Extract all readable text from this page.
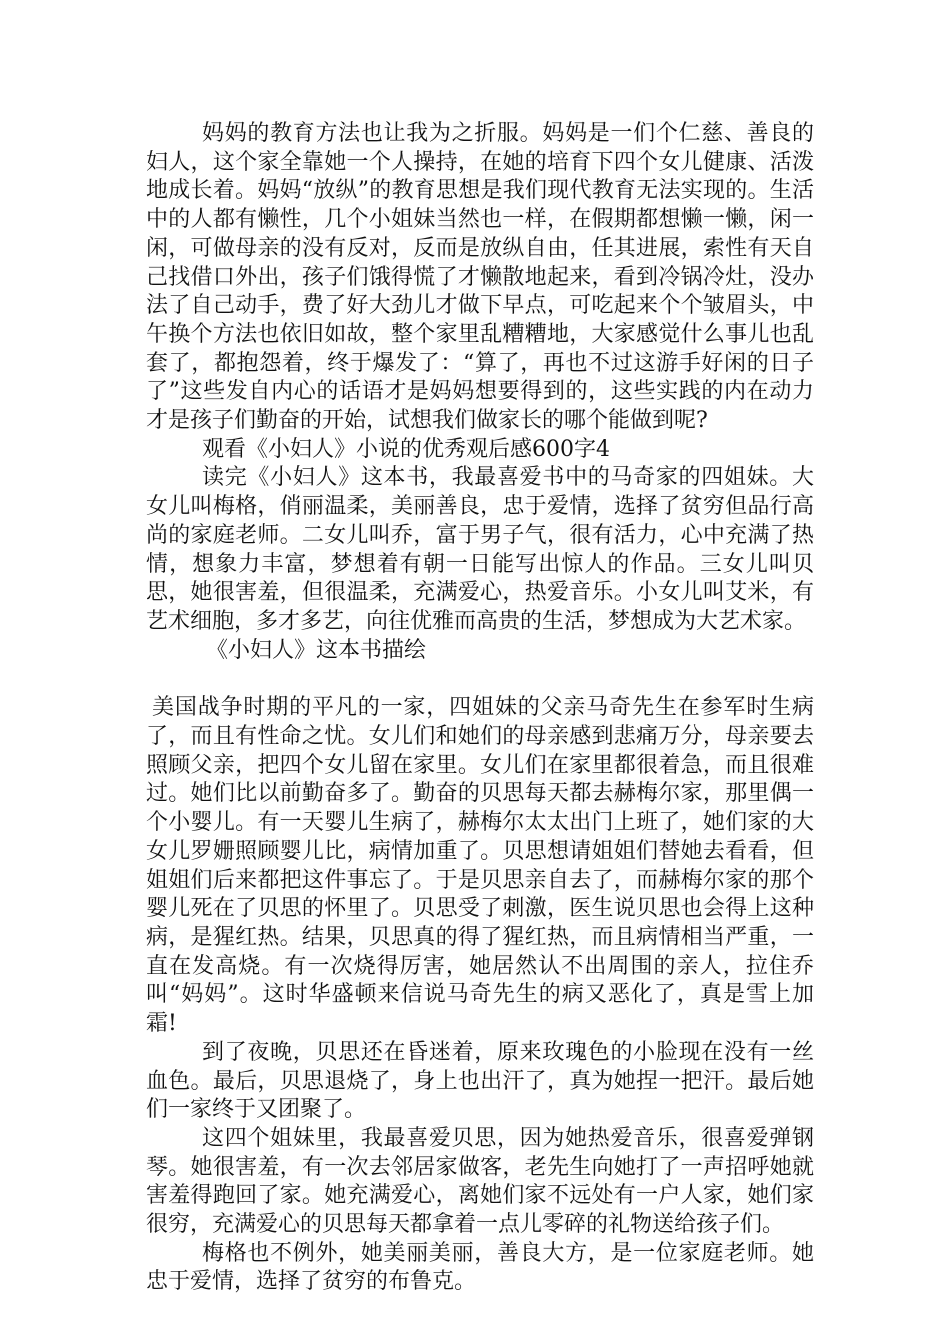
妈妈的教育方法也让我为之折服。妈妈是一们个仁慈、善良的妇人，这个家全靠她一个人操持，在她的培育下四个女儿健康、活泼地成长着。妈妈“放纵”的教育思想是我们现代教育无法实现的。生活中的人都有懒性，几个小姐妹当然也一样，在假期都想懒一懒，闲一闲，可做母亲的没有反对，反而是放纵自由，任其进展，索性有天自己找借口外出，孩子们饿得慌了才懒散地起来，看到冷锅冷灶，没办法了自己动手，费了好大劲儿才做下早点，可吃起来个个皱眉头，中午换个方法也依旧如故，整个家里乱糟糟地，大家感觉什么事儿也乱套了，都抱怨着，终于爆发了：“算了，再也不过这游手好闲的日子了”这些发自内心的话语才是妈妈想要得到的，这些实践的内在动力才是孩子们勤奋的开始，试想我们做家长的哪个能做到呢?

观看《小妇人》小说的优秀观后感600字4

读完《小妇人》这本书，我最喜爱书中的马奇家的四姐妹。大女儿叫梅格，俏丽温柔，美丽善良，忠于爱情，选择了贫穷但品行高尚的家庭老师。二女儿叫乔，富于男子气，很有活力，心中充满了热情，想象力丰富，梦想着有朝一日能写出惊人的作品。三女儿叫贝思，她很害羞，但很温柔，充满爱心，热爱音乐。小女儿叫艾米，有艺术细胞，多才多艺，向往优雅而高贵的生活，梦想成为大艺术家。

《小妇人》这本书描绘

美国战争时期的平凡的一家，四姐妹的父亲马奇先生在参军时生病了，而且有性命之忧。女儿们和她们的母亲感到悲痛万分，母亲要去照顾父亲，把四个女儿留在家里。女儿们在家里都很着急，而且很难过。她们比以前勤奋多了。勤奋的贝思每天都去赫梅尔家，那里偶一个小婴儿。有一天婴儿生病了，赫梅尔太太出门上班了，她们家的大女儿罗姗照顾婴儿比，病情加重了。贝思想请姐姐们替她去看看，但姐姐们后来都把这件事忘了。于是贝思亲自去了，而赫梅尔家的那个婴儿死在了贝思的怀里了。贝思受了刺激，医生说贝思也会得上这种病，是猩红热。结果，贝思真的得了猩红热，而且病情相当严重，一直在发高烧。有一次烧得厉害，她居然认不出周围的亲人，拉住乔叫“妈妈”。这时华盛顿来信说马奇先生的病又恶化了，真是雪上加霜!

到了夜晚，贝思还在昏迷着，原来玫瑰色的小脸现在没有一丝血色。最后，贝思退烧了，身上也出汗了，真为她捏一把汗。最后她们一家终于又团聚了。

这四个姐妹里，我最喜爱贝思，因为她热爱音乐，很喜爱弹钢琴。她很害羞，有一次去邻居家做客，老先生向她打了一声招呼她就害羞得跑回了家。她充满爱心，离她们家不远处有一户人家，她们家很穷，充满爱心的贝思每天都拿着一点儿零碎的礼物送给孩子们。

梅格也不例外，她美丽美丽，善良大方，是一位家庭老师。她忠于爱情，选择了贫穷的布鲁克。
